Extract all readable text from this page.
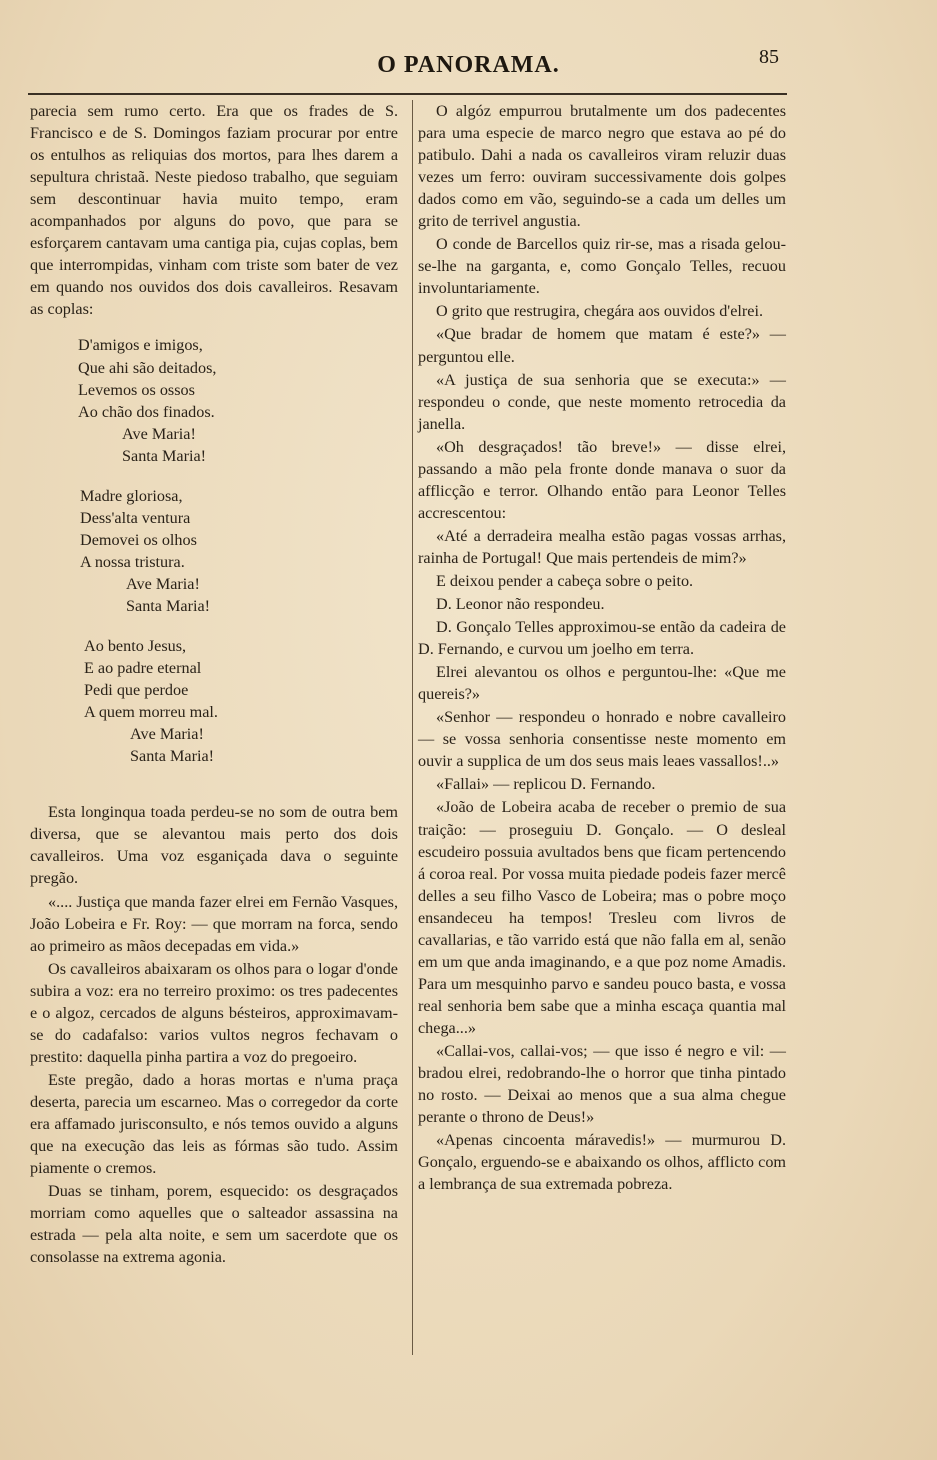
O PANORAMA.	85

parecia sem rumo certo. Era que os frades de S. Francisco e de S. Domingos faziam procurar por entre os entulhos as reliquias dos mortos, para lhes darem a sepultura christaã. Neste piedoso trabalho, que seguiam sem descontinuar havia muito tempo, eram acompanhados por alguns do povo, que para se esforçarem cantavam uma cantiga pia, cujas coplas, bem que interrompidas, vinham com triste som bater de vez em quando nos ouvidos dos dois cavalleiros. Resavam as coplas:

D'amigos e imigos,
Que ahi são deitados,
Levemos os ossos
Ao chão dos finados.
Ave Maria!
Santa Maria!
Madre gloriosa,
Dess'alta ventura
Demovei os olhos
A nossa tristura.
Ave Maria!
Santa Maria!
Ao bento Jesus,
E ao padre eternal
Pedi que perdoe
A quem morreu mal.
Ave Maria!
Santa Maria!

Esta longinqua toada perdeu-se no som de outra bem diversa, que se alevantou mais perto dos dois cavalleiros. Uma voz esganiçada dava o seguinte pregão.

«.... Justiça que manda fazer elrei em Fernão Vasques, João Lobeira e Fr. Roy: — que morram na forca, sendo ao primeiro as mãos decepadas em vida.»

Os cavalleiros abaixaram os olhos para o logar d'onde subira a voz: era no terreiro proximo: os tres padecentes e o algoz, cercados de alguns bésteiros, approximavam-se do cadafalso: varios vultos negros fechavam o prestito: daquella pinha partira a voz do pregoeiro.

Este pregão, dado a horas mortas e n'uma praça deserta, parecia um escarneo. Mas o corregedor da corte era affamado jurisconsulto, e nós temos ouvido a alguns que na execução das leis as fórmas são tudo. Assim piamente o cremos.

Duas se tinham, porem, esquecido: os desgraçados morriam como aquelles que o salteador assassina na estrada — pela alta noite, e sem um sacerdote que os consolasse na extrema agonia.

O algóz empurrou brutalmente um dos padecentes para uma especie de marco negro que estava ao pé do patibulo. Dahi a nada os cavalleiros viram reluzir duas vezes um ferro: ouviram successivamente dois golpes dados como em vão, seguindo-se a cada um delles um grito de terrivel angustia.

O conde de Barcellos quiz rir-se, mas a risada gelou-se-lhe na garganta, e, como Gonçalo Telles, recuou involuntariamente.

O grito que restrugira, chegára aos ouvidos d'elrei.

«Que bradar de homem que matam é este?» — perguntou elle.

«A justiça de sua senhoria que se executa:» — respondeu o conde, que neste momento retrocedia da janella.

«Oh desgraçados! tão breve!» — disse elrei, passando a mão pela fronte donde manava o suor da afflicção e terror. Olhando então para Leonor Telles accrescentou:

«Até a derradeira mealha estão pagas vossas arrhas, rainha de Portugal! Que mais pertendeis de mim?»

E deixou pender a cabeça sobre o peito.

D. Leonor não respondeu.

D. Gonçalo Telles approximou-se então da cadeira de D. Fernando, e curvou um joelho em terra.

Elrei alevantou os olhos e perguntou-lhe: «Que me quereis?»

«Senhor — respondeu o honrado e nobre cavalleiro — se vossa senhoria consentisse neste momento em ouvir a supplica de um dos seus mais leaes vassallos!..»

«Fallai» — replicou D. Fernando.

«João de Lobeira acaba de receber o premio de sua traição: — proseguiu D. Gonçalo. — O desleal escudeiro possuia avultados bens que ficam pertencendo á coroa real. Por vossa muita piedade podeis fazer mercê delles a seu filho Vasco de Lobeira; mas o pobre moço ensandeceu ha tempos! Tresleu com livros de cavallarias, e tão varrido está que não falla em al, senão em um que anda imaginando, e a que poz nome Amadis. Para um mesquinho parvo e sandeu pouco basta, e vossa real senhoria bem sabe que a minha escaça quantia mal chega...»

«Callai-vos, callai-vos; — que isso é negro e vil: — bradou elrei, redobrando-lhe o horror que tinha pintado no rosto. — Deixai ao menos que a sua alma chegue perante o throno de Deus!»

«Apenas cincoenta máravedis!» — murmurou D. Gonçalo, erguendo-se e abaixando os olhos, afflicto com a lembrança de sua extremada pobreza.
